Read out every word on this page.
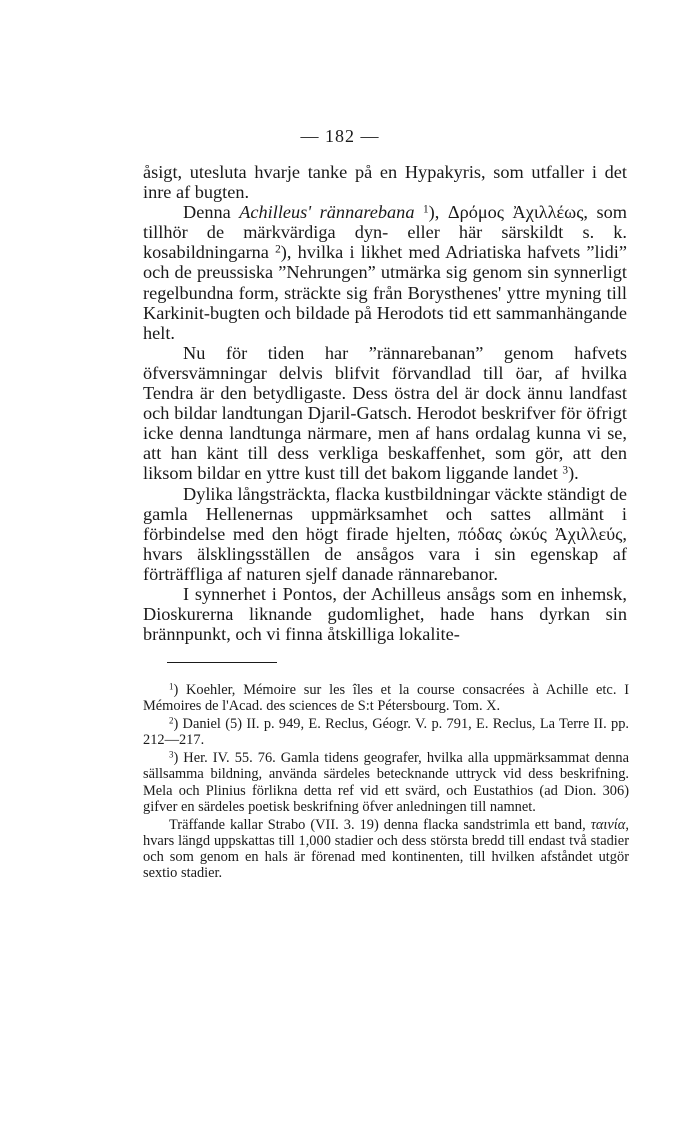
— 182 —

åsigt, utesluta hvarje tanke på en Hypakyris, som utfaller i det inre af bugten.

Denna Achilleus' rännarebana $^1$), Δρόμος Ἀχιλλέως, som tillhör de märkvärdiga dyn- eller här särskildt s. k. kosabildningarna $^2$), hvilka i likhet med Adriatiska hafvets ”lidi” och de preussiska ”Nehrungen” utmärka sig genom sin synnerligt regelbundna form, sträckte sig från Borysthenes' yttre myning till Karkinit-bugten och bildade på Herodots tid ett sammanhängande helt.

Nu för tiden har ”rännarebanan” genom hafvets öfversvämningar delvis blifvit förvandlad till öar, af hvilka Tendra är den betydligaste. Dess östra del är dock ännu landfast och bildar landtungan Djaril-Gatsch. Herodot beskrifver för öfrigt icke denna landtunga närmare, men af hans ordalag kunna vi se, att han känt till dess verkliga beskaffenhet, som gör, att den liksom bildar en yttre kust till det bakom liggande landet $^3$).

Dylika långsträckta, flacka kustbildningar väckte ständigt de gamla Hellenernas uppmärksamhet och sattes allmänt i förbindelse med den högt firade hjelten, πόδας ὠκύς Ἀχιλλεύς, hvars älsklingsställen de ansågos vara i sin egenskap af förträffliga af naturen sjelf danade rännarebanor.

I synnerhet i Pontos, der Achilleus ansågs som en inhemsk, Dioskurerna liknande gudomlighet, hade hans dyrkan sin brännpunkt, och vi finna åtskilliga lokalite-

$^1$) Koehler, Mémoire sur les îles et la course consacrées à Achille etc. I Mémoires de l'Acad. des sciences de S:t Pétersbourg. Tom. X.

$^2$) Daniel (5) II. p. 949, E. Reclus, Géogr. V. p. 791, E. Reclus, La Terre II. pp. 212—217.

$^3$) Her. IV. 55. 76. Gamla tidens geografer, hvilka alla uppmärksammat denna sällsamma bildning, använda särdeles betecknande uttryck vid dess beskrifning. Mela och Plinius förlikna detta ref vid ett svärd, och Eustathios (ad Dion. 306) gifver en särdeles poetisk beskrifning öfver anledningen till namnet.

Träffande kallar Strabo (VII. 3. 19) denna flacka sandstrimla ett band, ταινία, hvars längd uppskattas till 1,000 stadier och dess största bredd till endast två stadier och som genom en hals är förenad med kontinenten, till hvilken afståndet utgör sextio stadier.
